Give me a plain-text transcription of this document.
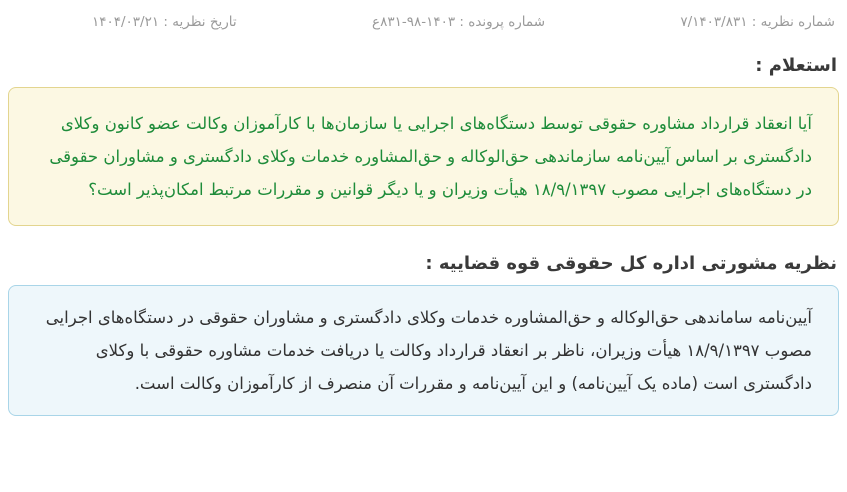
شماره نظریه : ۷/۱۴۰۳/۸۳۱
شماره پرونده : ۱۴۰۳-۹۸-۸۳۱ع
تاریخ نظریه : ۱۴۰۴/۰۳/۲۱
استعلام :

آیا انعقاد قرارداد مشاوره حقوقی توسط دستگاه‌های اجرایی یا سازمان‌ها با کارآموزان وکالت عضو کانون وکلای دادگستری بر اساس آیین‌نامه سازماندهی حق‌الوکاله و حق‌المشاوره خدمات وکلای دادگستری و مشاوران حقوقی در دستگاه‌های اجرایی مصوب ۱۸/۹/۱۳۹۷ هیأت وزیران و یا دیگر قوانین و مقررات مرتبط امکان‌پذیر است؟

نظریه مشورتی اداره کل حقوقی قوه قضاییه :

آیین‌نامه ساماندهی حق‌الوکاله و حق‌المشاوره خدمات وکلای دادگستری و مشاوران حقوقی در دستگاه‌های اجرایی مصوب ۱۸/۹/۱۳۹۷ هیأت وزیران، ناظر بر انعقاد قرارداد وکالت یا دریافت خدمات مشاوره حقوقی با وکلای دادگستری است (ماده یک آیین‌نامه) و این آیین‌نامه و مقررات آن منصرف از کارآموزان وکالت است.
